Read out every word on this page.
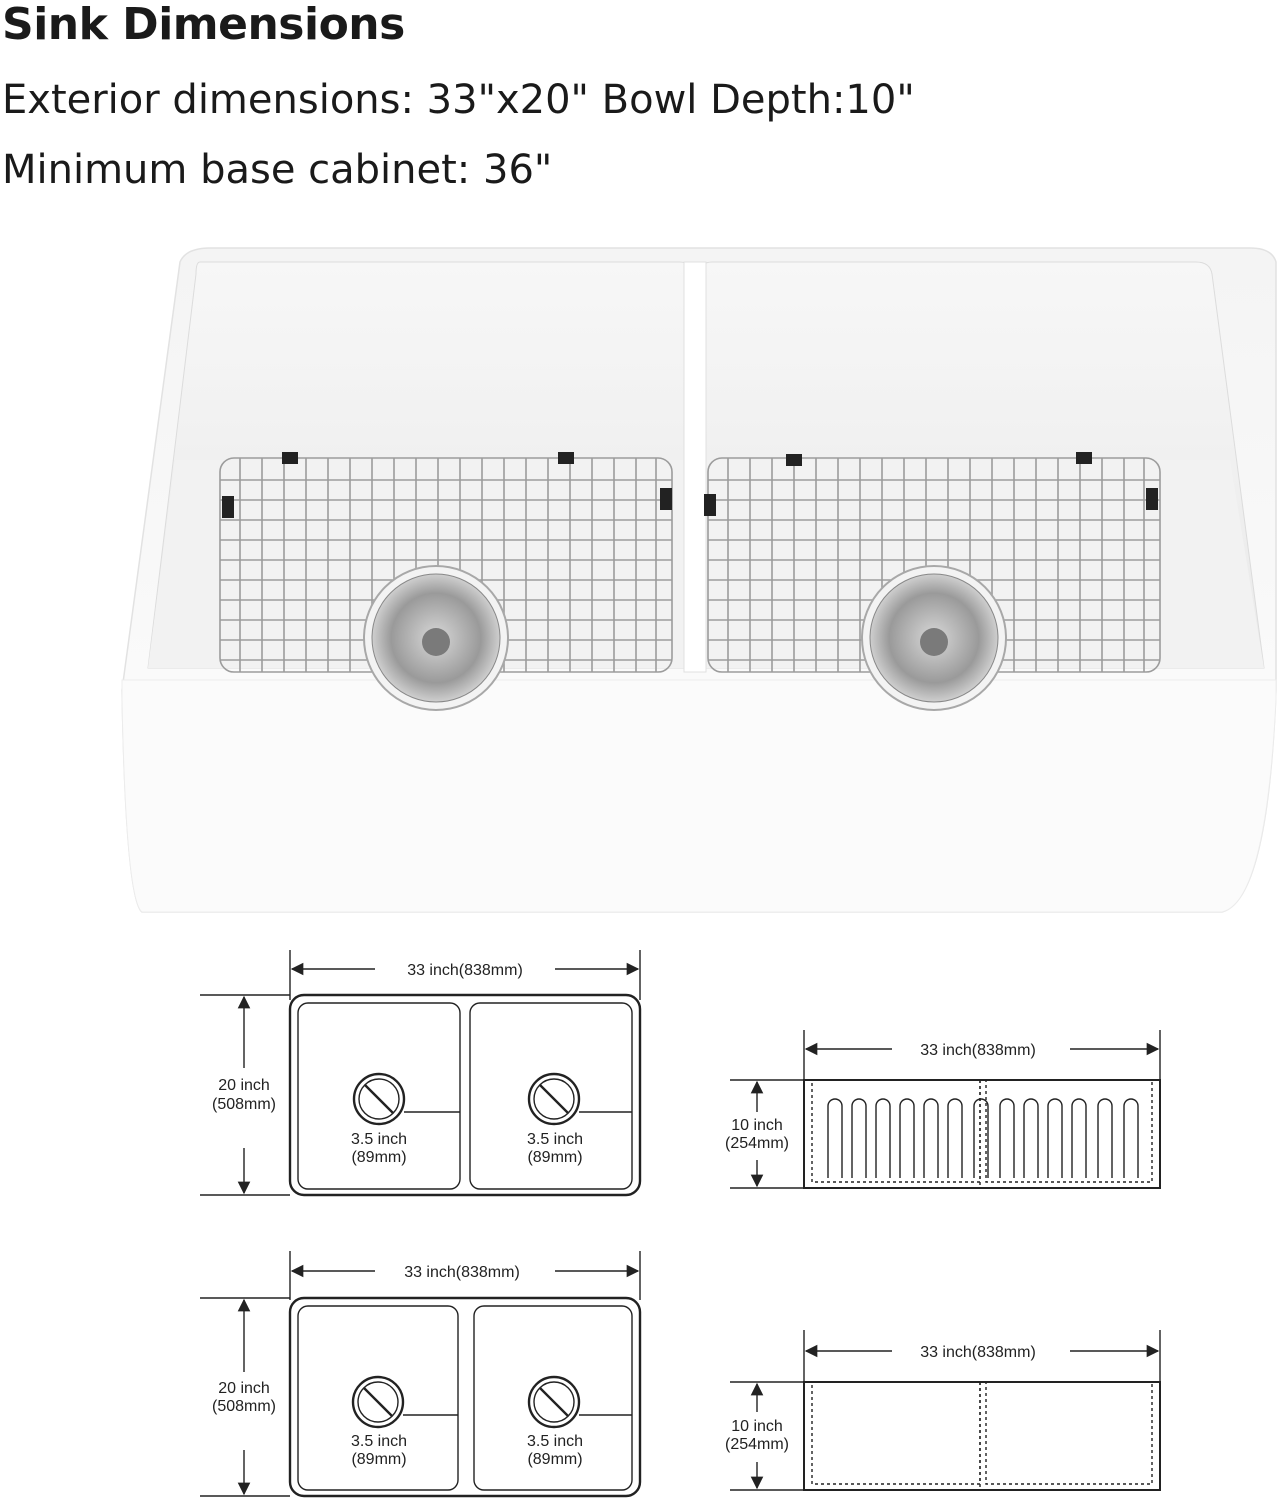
Sink Dimensions
Exterior dimensions: 33"x20" Bowl Depth:10"
Minimum base cabinet: 36"
33 inch(838mm)
20 inch
(508mm)
3.5 inch
(89mm)
3.5 inch
(89mm)
33 inch(838mm)
10 inch
(254mm)
33 inch(838mm)
20 inch
(508mm)
3.5 inch
(89mm)
3.5 inch
(89mm)
33 inch(838mm)
10 inch
(254mm)
